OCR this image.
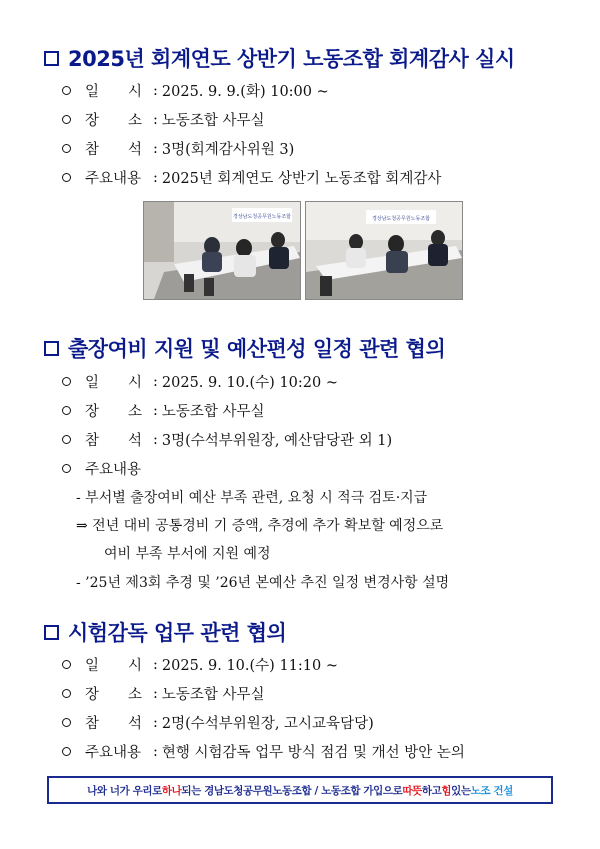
2025년 회계연도 상반기 노동조합 회계감사 실시
일　　시 : 2025. 9. 9.(화) 10:00 ~
장　　소 : 노동조합 사무실
참　　석 : 3명(회계감사위원 3)
주요내용 : 2025년 회계연도 상반기 노동조합 회계감사
경상남도청공무원노동조합	경상남도청공무원노동조합
출장여비 지원 및 예산편성 일정 관련 협의
일　　시 : 2025. 9. 10.(수) 10:20 ~
장　　소 : 노동조합 사무실
참　　석 : 3명(수석부위원장, 예산담당관 외 1)
주요내용
- 부서별 출장여비 예산 부족 관련, 요청 시 적극 검토·지급
⇒ 전년 대비 공통경비 기 증액, 추경에 추가 확보할 예정으로
여비 부족 부서에 지원 예정
- ’25년 제3회 추경 및 ’26년 본예산 추진 일정 변경사항 설명
시험감독 업무 관련 협의
일　　시 : 2025. 9. 10.(수) 11:10 ~
장　　소 : 노동조합 사무실
참　　석 : 2명(수석부위원장, 고시교육담당)
주요내용 : 현행 시험감독 업무 방식 점검 및 개선 방안 논의
나와 너가 우리로 하나 되는 경남도청공무원노동조합 / 노동조합 가입으로 따뜻 하고 힘 있는 노조 건설
